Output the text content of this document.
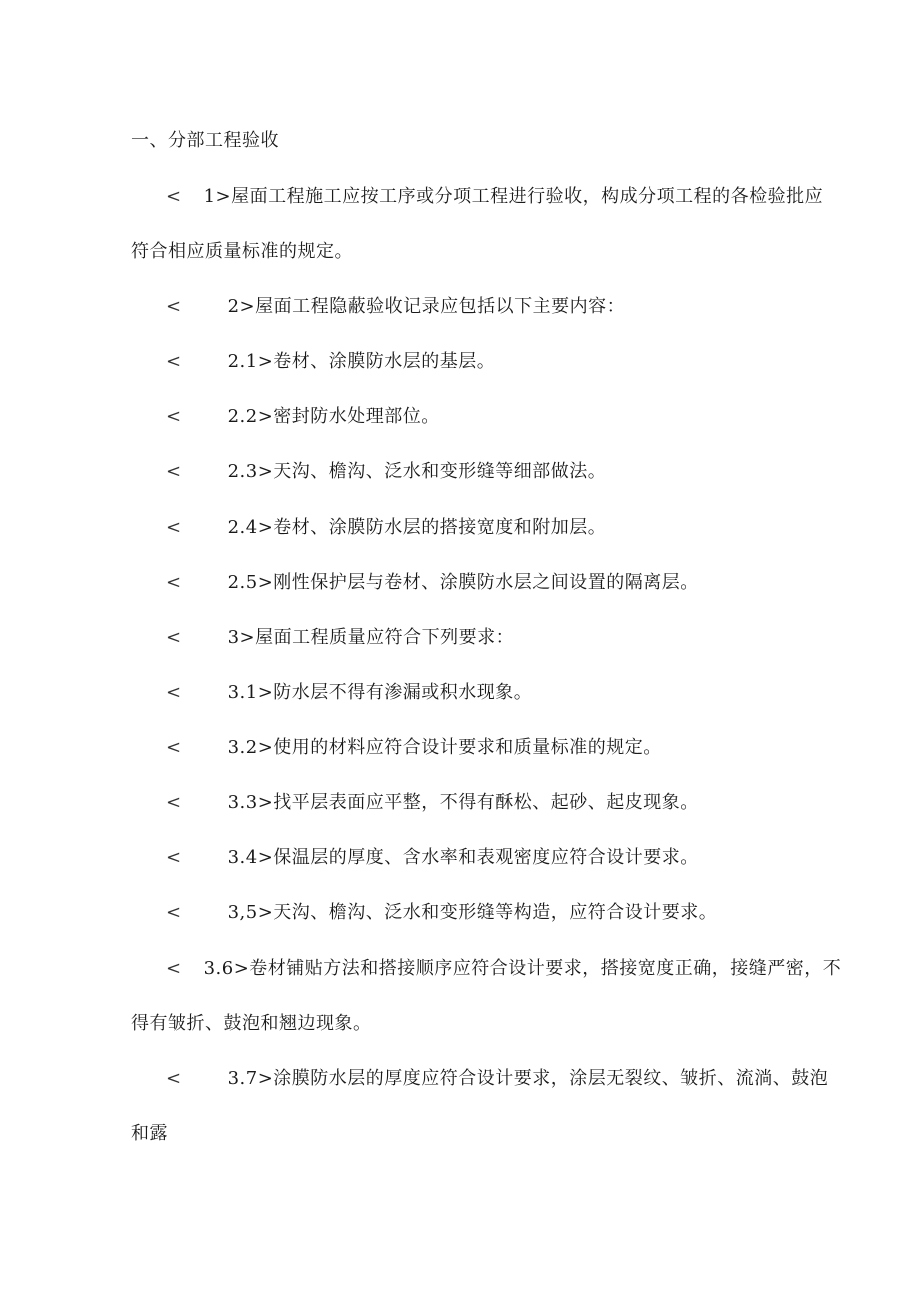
一、分部工程验收
< 1>屋面工程施工应按工序或分项工程进行验收，构成分项工程的各检验批应
符合相应质量标准的规定。
<	2>屋面工程隐蔽验收记录应包括以下主要内容：
<	2.1>卷材、涂膜防水层的基层。
<	2.2>密封防水处理部位。
<	2.3>天沟、檐沟、泛水和变形缝等细部做法。
<	2.4>卷材、涂膜防水层的搭接宽度和附加层。
<	2.5>刚性保护层与卷材、涂膜防水层之间设置的隔离层。
<	3>屋面工程质量应符合下列要求：
<	3.1>防水层不得有渗漏或积水现象。
<	3.2>使用的材料应符合设计要求和质量标准的规定。
<	3.3>找平层表面应平整，不得有酥松、起砂、起皮现象。
<	3.4>保温层的厚度、含水率和表观密度应符合设计要求。
<	3,5>天沟、檐沟、泛水和变形缝等构造，应符合设计要求。
< 3.6>卷材铺贴方法和搭接顺序应符合设计要求，搭接宽度正确，接缝严密，不
得有皱折、鼓泡和翘边现象。
<	3.7>涂膜防水层的厚度应符合设计要求，涂层无裂纹、皱折、流淌、鼓泡
和露
